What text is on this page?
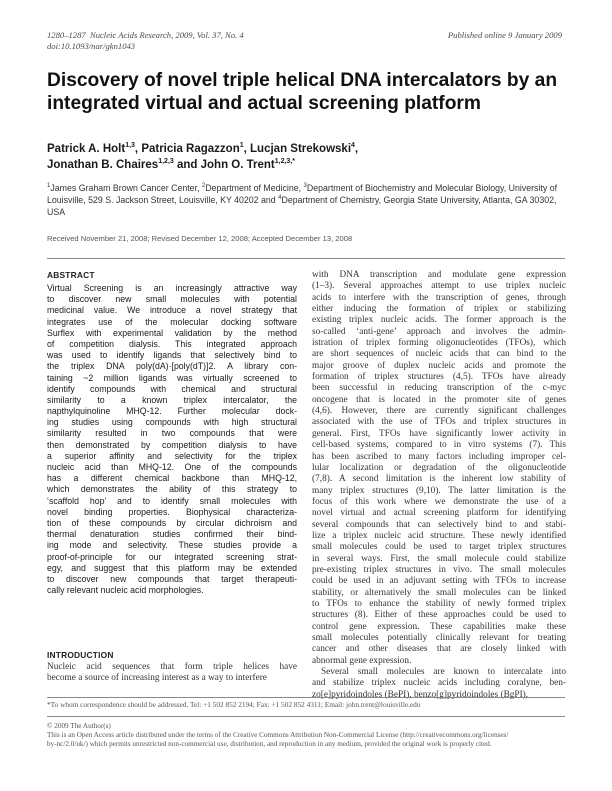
1280–1287 Nucleic Acids Research, 2009, Vol. 37, No. 4
doi:10.1093/nar/gkn1043
Published online 9 January 2009
Discovery of novel triple helical DNA intercalators by an integrated virtual and actual screening platform
Patrick A. Holt$^{1,3}$, Patricia Ragazzon$^1$, Lucjan Strekowski$^4$,
Jonathan B. Chaires$^{1,2,3}$ and John O. Trent$^{1,2,3,*}$
$^1$James Graham Brown Cancer Center, $^2$Department of Medicine, $^3$Department of Biochemistry and Molecular Biology, University of Louisville, 529 S. Jackson Street, Louisville, KY 40202 and $^4$Department of Chemistry, Georgia State University, Atlanta, GA 30302, USA
Received November 21, 2008; Revised December 12, 2008; Accepted December 13, 2008
ABSTRACT
Virtual Screening is an increasingly attractive way
to discover new small molecules with potential
medicinal value. We introduce a novel strategy that
integrates use of the molecular docking software
Surflex with experimental validation by the method
of competition dialysis. This integrated approach
was used to identify ligands that selectively bind to
the triplex DNA poly(dA)·[poly(dT)]2. A library con-
taining ~2 million ligands was virtually screened to
identify compounds with chemical and structural
similarity to a known triplex intercalator, the
napthylquinoline MHQ-12. Further molecular dock-
ing studies using compounds with high structural
similarity resulted in two compounds that were
then demonstrated by competition dialysis to have
a superior affinity and selectivity for the triplex
nucleic acid than MHQ-12. One of the compounds
has a different chemical backbone than MHQ-12,
which demonstrates the ability of this strategy to
‘scaffold hop’ and to identify small molecules with
novel binding properties. Biophysical characteriza-
tion of these compounds by circular dichroism and
thermal denaturation studies confirmed their bind-
ing mode and selectivity. These studies provide a
proof-of-principle for our integrated screening strat-
egy, and suggest that this platform may be extended
to discover new compounds that target therapeuti-
cally relevant nucleic acid morphologies.
INTRODUCTION
Nucleic acid sequences that form triple helices have
become a source of increasing interest as a way to interfere
with DNA transcription and modulate gene expression
(1–3). Several approaches attempt to use triplex nucleic
acids to interfere with the transcription of genes, through
either inducing the formation of triplex or stabilizing
existing triplex nucleic acids. The former approach is the
so-called ‘anti-gene’ approach and involves the admin-
istration of triplex forming oligonucleotides (TFOs), which
are short sequences of nucleic acids that can bind to the
major groove of duplex nucleic acids and promote the
formation of triplex structures (4,5). TFOs have already
been successful in reducing transcription of the c-myc
oncogene that is located in the promoter site of genes
(4,6). However, there are currently significant challenges
associated with the use of TFOs and triplex structures in
general. First, TFOs have significantly lower activity in
cell-based systems, compared to in vitro systems (7). This
has been ascribed to many factors including improper cel-
lular localization or degradation of the oligonucleotide
(7,8). A second limitation is the inherent low stability of
many triplex structures (9,10). The latter limitation is the
focus of this work where we demonstrate the use of a
novel virtual and actual screening platform for identifying
several compounds that can selectively bind to and stabi-
lize a triplex nucleic acid structure. These newly identified
small molecules could be used to target triplex structures
in several ways. First, the small molecule could stabilize
pre-existing triplex structures in vivo. The small molecules
could be used in an adjuvant setting with TFOs to increase
stability, or alternatively the small molecules can be linked
to TFOs to enhance the stability of newly formed triplex
structures (8). Either of these approaches could be used to
control gene expression. These capabilities make these
small molecules potentially clinically relevant for treating
cancer and other diseases that are closely linked with
abnormal gene expression.
Several small molecules are known to intercalate into
and stabilize triplex nucleic acids including coralyne, ben-
zo[e]pyridoindoles (BePI), benzo[g]pyridoindoles (BgPI),
*To whom correspondence should be addressed. Tel: +1 502 852 2194; Fax: +1 502 852 4311; Email: john.trent@louisville.edu
© 2009 The Author(s)
This is an Open Access article distributed under the terms of the Creative Commons Attribution Non-Commercial License (http://creativecommons.org/licenses/
by-nc/2.0/uk/) which permits unrestricted non-commercial use, distribution, and reproduction in any medium, provided the original work is properly cited.
